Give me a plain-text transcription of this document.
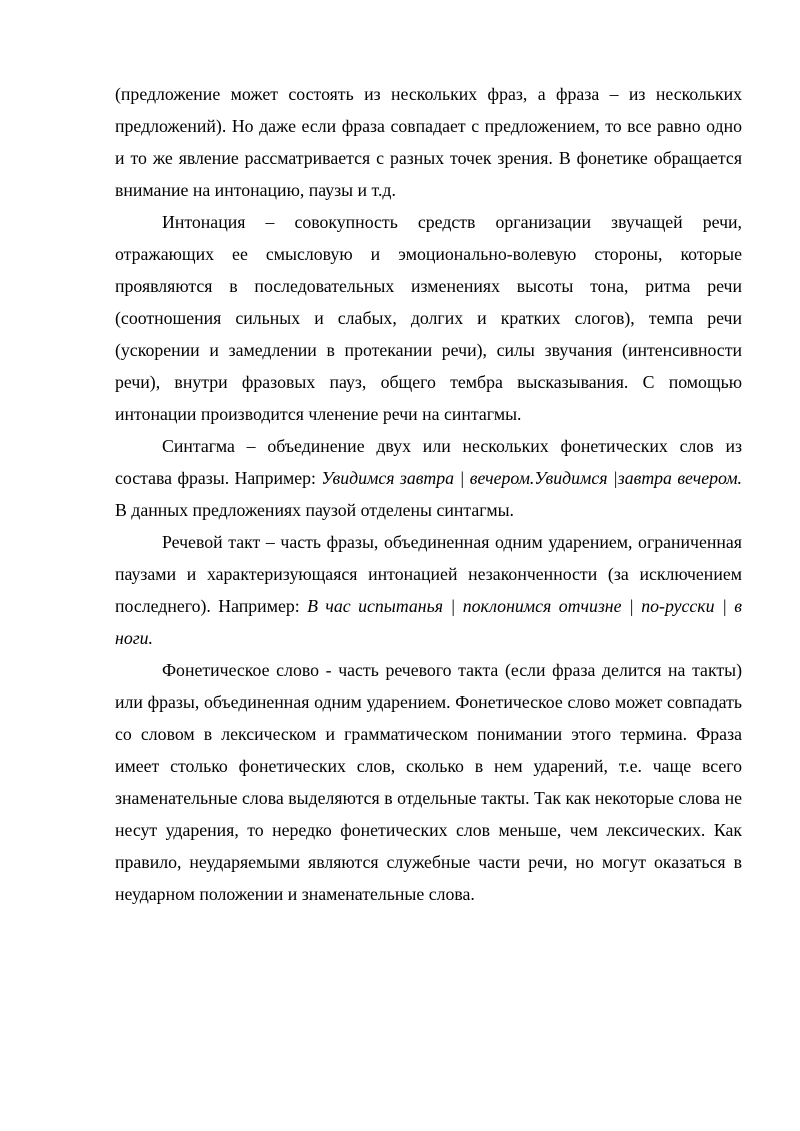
(предложение может состоять из нескольких фраз, а фраза – из нескольких предложений). Но даже если фраза совпадает с предложением, то все равно одно и то же явление рассматривается с разных точек зрения. В фонетике обращается внимание на интонацию, паузы и т.д.

Интонация – совокупность средств организации звучащей речи, отражающих ее смысловую и эмоционально-волевую стороны, которые проявляются в последовательных изменениях высоты тона, ритма речи (соотношения сильных и слабых, долгих и кратких слогов), темпа речи (ускорении и замедлении в протекании речи), силы звучания (интенсивности речи), внутри фразовых пауз, общего тембра высказывания. С помощью интонации производится членение речи на синтагмы.

Синтагма – объединение двух или нескольких фонетических слов из состава фразы. Например: Увидимся завтра | вечером.Увидимся |завтра вечером. В данных предложениях паузой отделены синтагмы.

Речевой такт – часть фразы, объединенная одним ударением, ограниченная паузами и характеризующаяся интонацией незаконченности (за исключением последнего). Например: В час испытанья | поклонимся отчизне | по-русски | в ноги.

Фонетическое слово - часть речевого такта (если фраза делится на такты) или фразы, объединенная одним ударением. Фонетическое слово может совпадать со словом в лексическом и грамматическом понимании этого термина. Фраза имеет столько фонетических слов, сколько в нем ударений, т.е. чаще всего знаменательные слова выделяются в отдельные такты. Так как некоторые слова не несут ударения, то нередко фонетических слов меньше, чем лексических. Как правило, неударяемыми являются служебные части речи, но могут оказаться в неударном положении и знаменательные слова.
